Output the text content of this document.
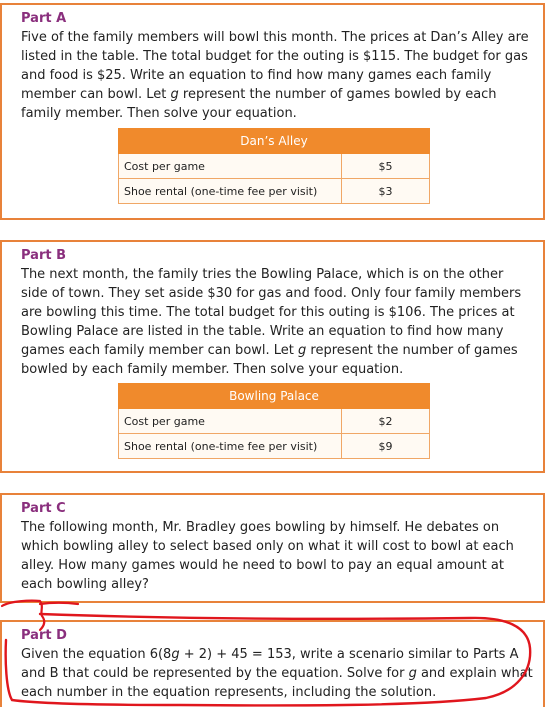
Part A

Five of the family members will bowl this month. The prices at Dan’s Alley are listed in the table. The total budget for the outing is $115. The budget for gas and food is $25. Write an equation to find how many games each family member can bowl. Let g represent the number of games bowled by each family member. Then solve your equation.

Dan’s Alley	
Cost per game	$5
Shoe rental (one-time fee per visit)	$3
Part B

The next month, the family tries the Bowling Palace, which is on the other side of town. They set aside $30 for gas and food. Only four family members are bowling this time. The total budget for this outing is $106. The prices at Bowling Palace are listed in the table. Write an equation to find how many games each family member can bowl. Let g represent the number of games bowled by each family member. Then solve your equation.

Bowling Palace	
Cost per game	$2
Shoe rental (one-time fee per visit)	$9
Part C

The following month, Mr. Bradley goes bowling by himself. He debates on which bowling alley to select based only on what it will cost to bowl at each alley. How many games would he need to bowl to pay an equal amount at each bowling alley?

Part D

Given the equation 6(8g + 2) + 45 = 153, write a scenario similar to Parts A and B that could be represented by the equation. Solve for g and explain what each number in the equation represents, including the solution.
